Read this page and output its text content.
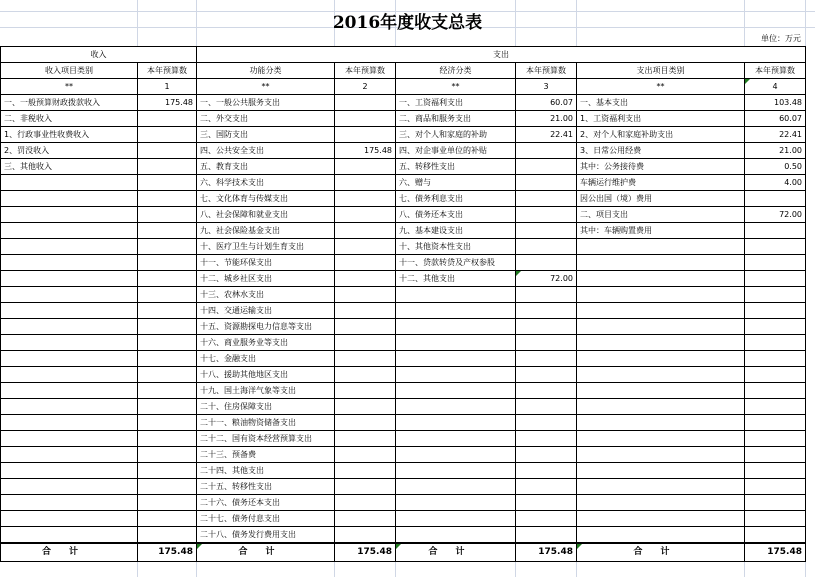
2016年度收支总表
单位：万元
收入		支出					
收入项目类别	本年预算数	功能分类	本年预算数	经济分类	本年预算数	支出项目类别	本年预算数
**	1	**	2	**	3	**	4
一、一般预算财政拨款收入	175.48	一、一般公共服务支出		一、工资福利支出	60.07	一、基本支出	103.48
二、非税收入		二、外交支出		二、商品和服务支出	21.00	1、工资福利支出	60.07
1、行政事业性收费收入		三、国防支出		三、对个人和家庭的补助	22.41	2、对个人和家庭补助支出	22.41
2、罚没收入		四、公共安全支出	175.48	四、对企事业单位的补贴		3、日常公用经费	21.00
三、其他收入		五、教育支出		五、转移性支出		其中：公务接待费	0.50
		六、科学技术支出		六、赠与		车辆运行维护费	4.00
		七、文化体育与传媒支出		七、债务利息支出		因公出国（境）费用	
		八、社会保障和就业支出		八、债务还本支出		二、项目支出	72.00
		九、社会保险基金支出		九、基本建设支出		其中：车辆购置费用	
		十、医疗卫生与计划生育支出		十、其他资本性支出			
		十一、节能环保支出		十一、贷款转贷及产权参股			
		十二、城乡社区支出		十二、其他支出	72.00		
		十三、农林水支出					
		十四、交通运输支出					
		十五、资源勘探电力信息等支出					
		十六、商业服务业等支出					
		十七、金融支出					
		十八、援助其他地区支出					
		十九、国土海洋气象等支出					
		二十、住房保障支出					
		二十一、粮油物资储备支出					
		二十二、国有资本经营预算支出					
		二十三、预备费					
		二十四、其他支出					
		二十五、转移性支出					
		二十六、债务还本支出					
		二十七、债务付息支出					
		二十八、债务发行费用支出					
合计	175.48	合计	175.48	合计	175.48	合计	175.48
